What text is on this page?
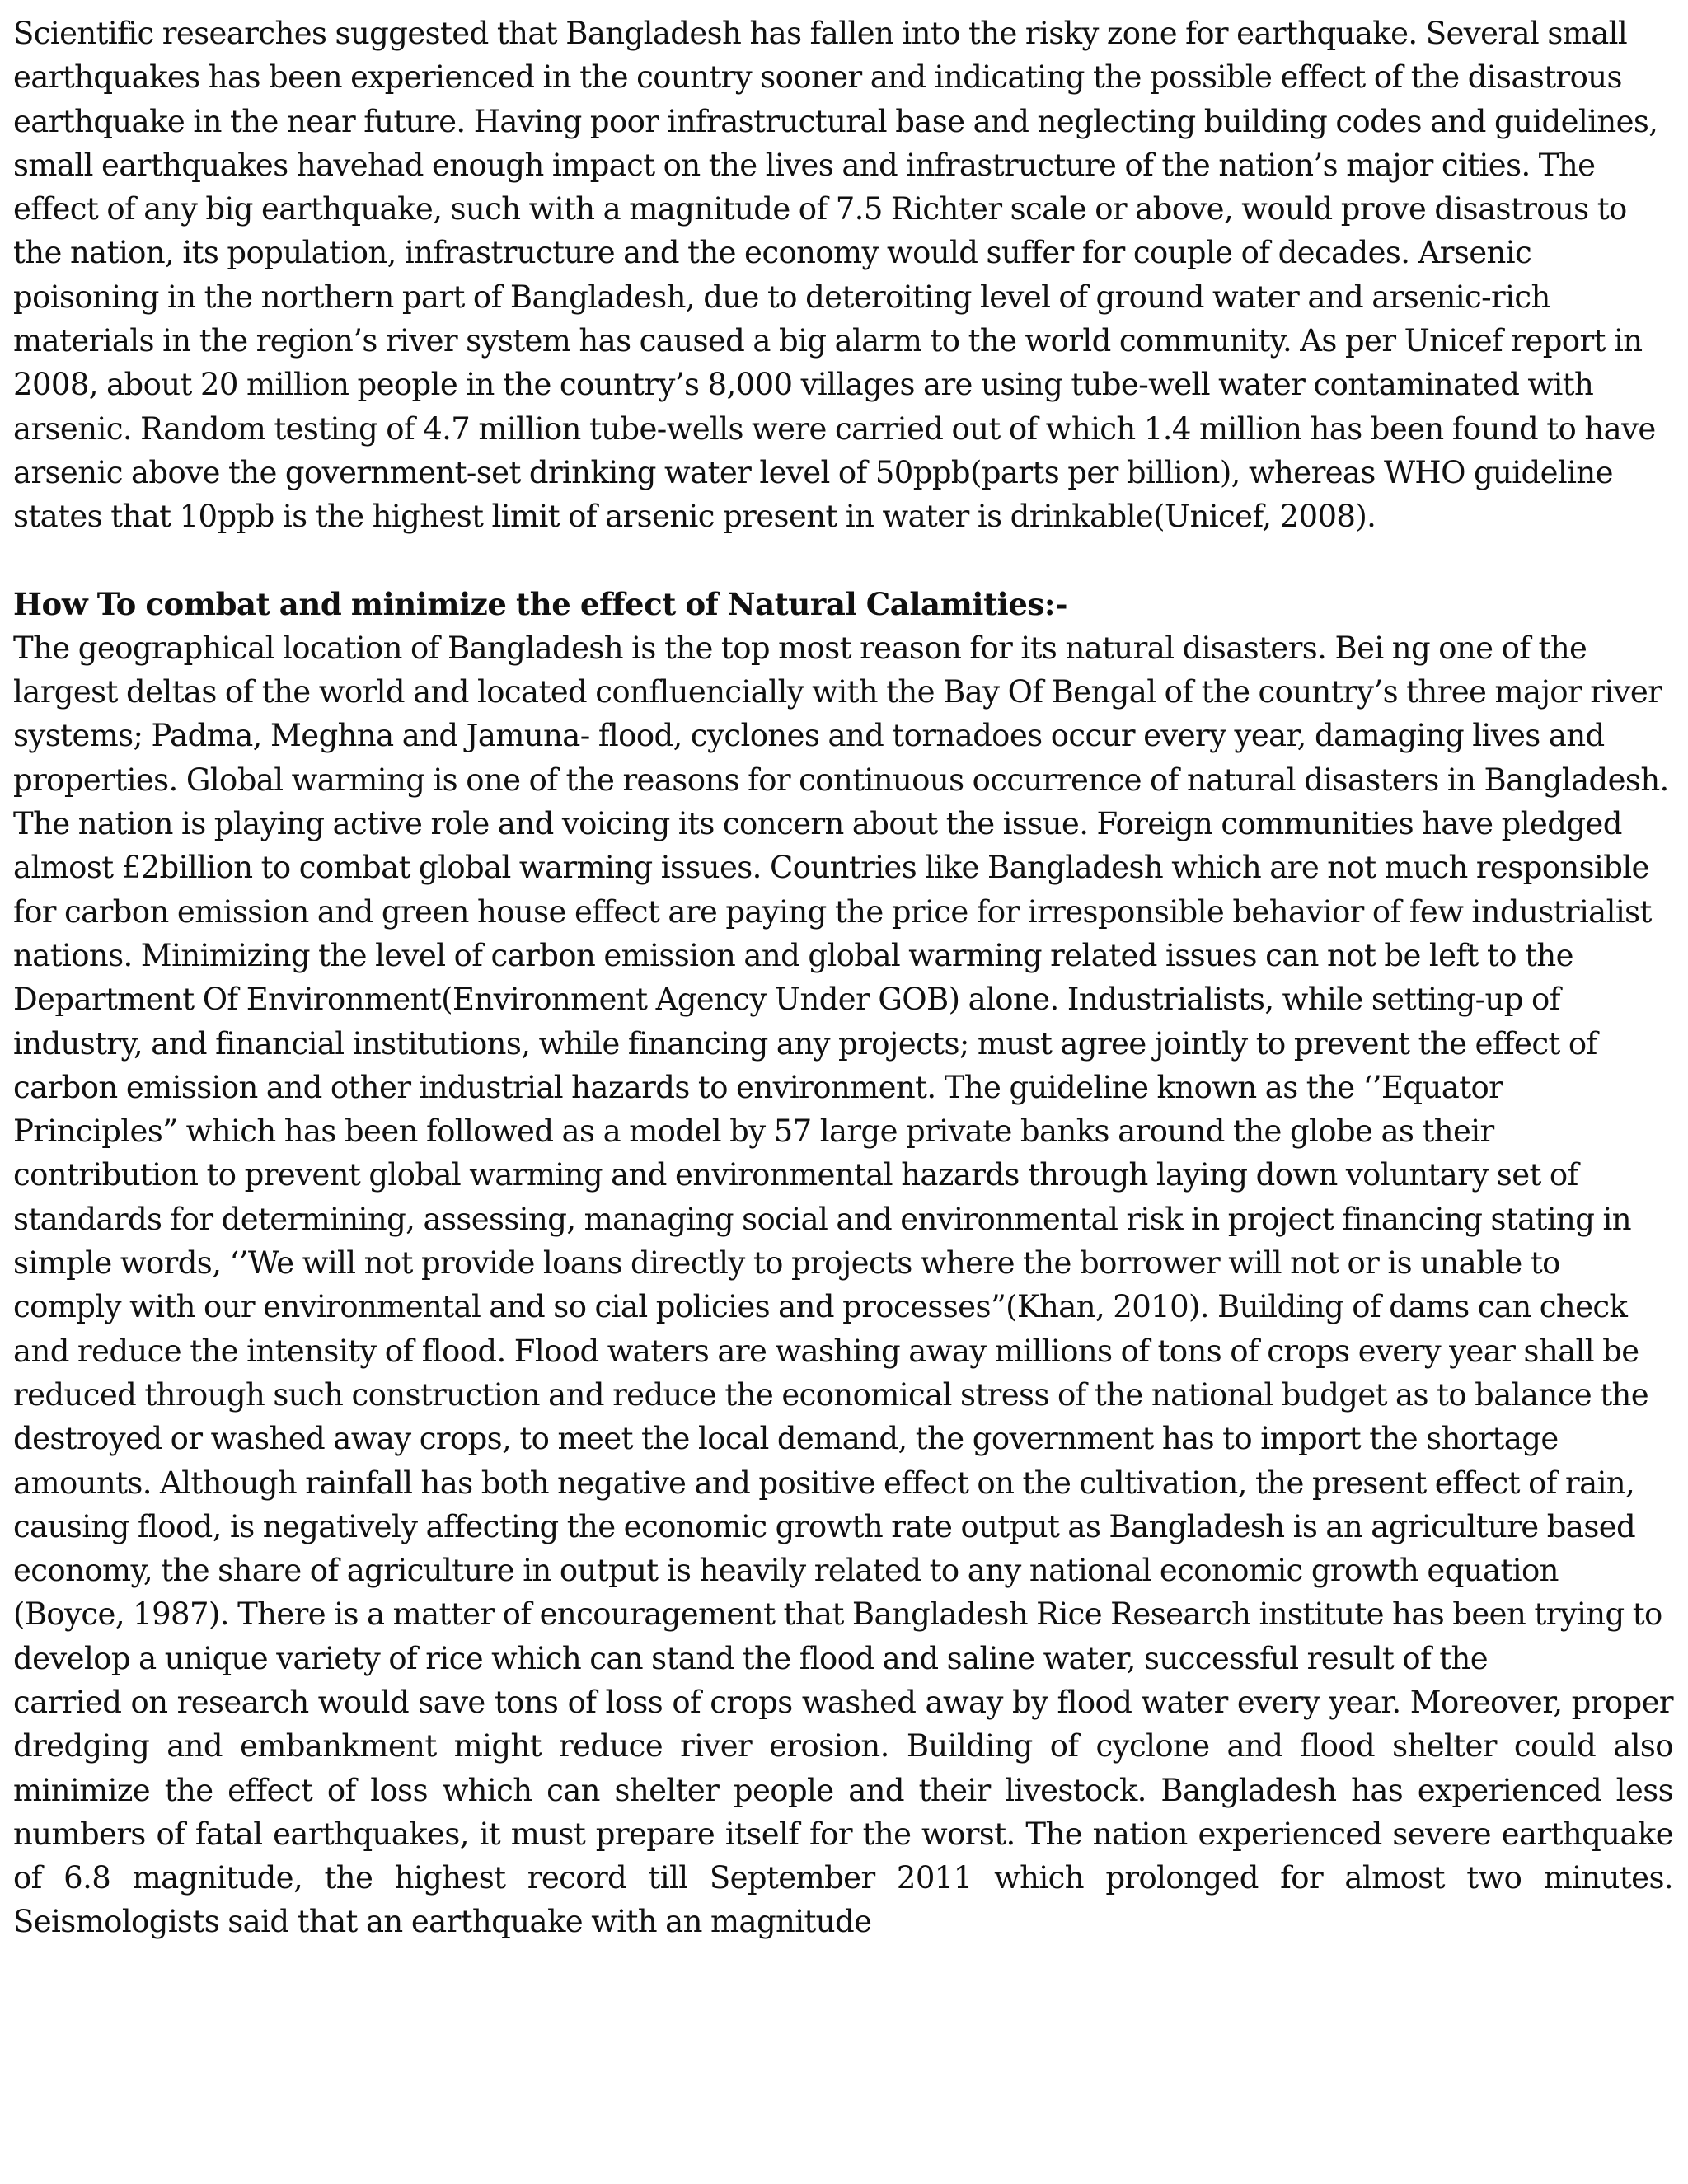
Scientific researches suggested that Bangladesh has fallen into the risky zone for earthquake. Several small earthquakes has been experienced in the country sooner and indicating the possible effect of the disastrous earthquake in the near future. Having poor infrastructural base and neglecting building codes and guidelines, small earthquakes havehad enough impact on the lives and infrastructure of the nation’s major cities. The effect of any big earthquake, such with a magnitude of 7.5 Richter scale or above, would prove disastrous to the nation, its population, infrastructure and the economy would suffer for couple of decades. Arsenic poisoning in the northern part of Bangladesh, due to deteroiting level of ground water and arsenic-rich materials in the region’s river system has caused a big alarm to the world community. As per Unicef report in 2008, about 20 million people in the country’s 8,000 villages are using tube-well water contaminated with arsenic. Random testing of 4.7 million tube-wells were carried out of which 1.4 million has been found to have arsenic above the government-set drinking water level of 50ppb(parts per billion), whereas WHO guideline states that 10ppb is the highest limit of arsenic present in water is drinkable(Unicef, 2008).

How To combat and minimize the effect of Natural Calamities:-

The geographical location of Bangladesh is the top most reason for its natural disasters. Bei ng one of the largest deltas of the world and located confluencially with the Bay Of Bengal of the country’s three major river systems; Padma, Meghna and Jamuna- flood, cyclones and tornadoes occur every year, damaging lives and properties. Global warming is one of the reasons for continuous occurrence of natural disasters in Bangladesh. The nation is playing active role and voicing its concern about the issue. Foreign communities have pledged almost £2billion to combat global warming issues. Countries like Bangladesh which are not much responsible for carbon emission and green house effect are paying the price for irresponsible behavior of few industrialist nations. Minimizing the level of carbon emission and global warming related issues can not be left to the Department Of Environment(Environment Agency Under GOB) alone. Industrialists, while setting-up of industry, and financial institutions, while financing any projects; must agree jointly to prevent the effect of carbon emission and other industrial hazards to environment. The guideline known as the ‘’Equator Principles” which has been followed as a model by 57 large private banks around the globe as their contribution to prevent global warming and environmental hazards through laying down voluntary set of standards for determining, assessing, managing social and environmental risk in project financing stating in simple words, ‘’We will not provide loans directly to projects where the borrower will not or is unable to comply with our environmental and so cial policies and processes”(Khan, 2010). Building of dams can check and reduce the intensity of flood. Flood waters are washing away millions of tons of crops every year shall be reduced through such construction and reduce the economical stress of the national budget as to balance the destroyed or washed away crops, to meet the local demand, the government has to import the shortage amounts. Although rainfall has both negative and positive effect on the cultivation, the present effect of rain, causing flood, is negatively affecting the economic growth rate output as Bangladesh is an agriculture based economy, the share of agriculture in output is heavily related to any national economic growth equation (Boyce, 1987). There is a matter of encouragement that Bangladesh Rice Research institute has been trying to develop a unique variety of rice which can stand the flood and saline water, successful result of the

carried on research would save tons of loss of crops washed away by flood water every year. Moreover, proper dredging and embankment might reduce river erosion. Building of cyclone and flood shelter could also minimize the effect of loss which can shelter people and their livestock. Bangladesh has experienced less numbers of fatal earthquakes, it must prepare itself for the worst. The nation experienced severe earthquake of 6.8 magnitude, the highest record till September 2011 which prolonged for almost two minutes. Seismologists said that an earthquake with an magnitude
